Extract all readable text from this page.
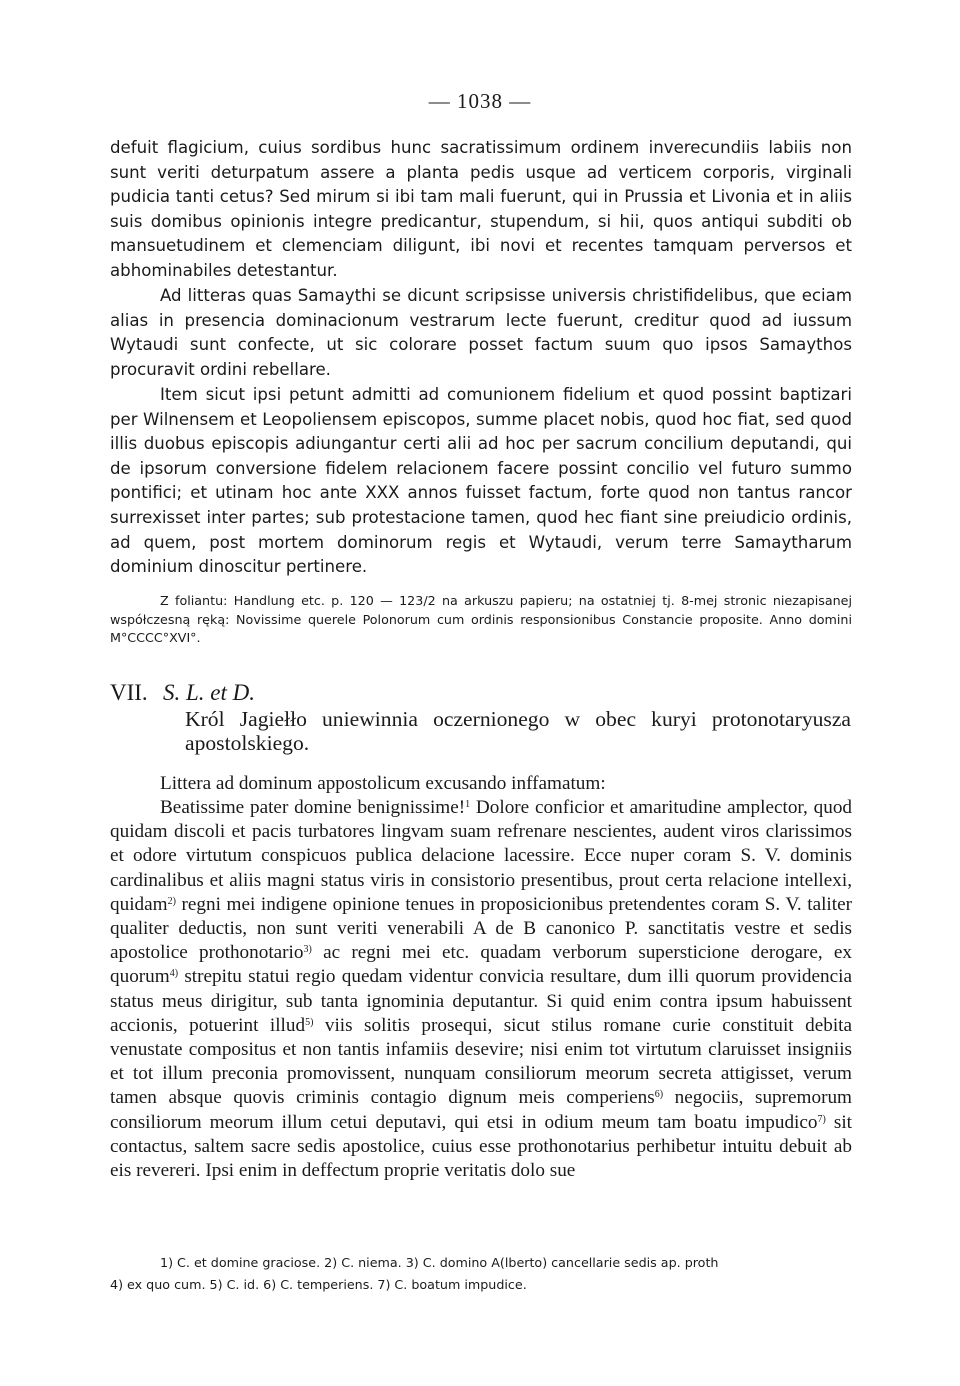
— 1038 —

defuit flagicium, cuius sordibus hunc sacratissimum ordinem inverecundiis labiis non sunt veriti deturpatum assere a planta pedis usque ad verticem corporis, virginali pudicia tanti cetus? Sed mirum si ibi tam mali fuerunt, qui in Prussia et Livonia et in aliis suis domibus opinionis integre predicantur, stupendum, si hii, quos antiqui subditi ob mansuetudinem et clemenciam diligunt, ibi novi et recentes tamquam perversos et abhominabiles detestantur.

Ad litteras quas Samaythi se dicunt scripsisse universis christifidelibus, que eciam alias in presencia dominacionum vestrarum lecte fuerunt, creditur quod ad iussum Wytaudi sunt confecte, ut sic colorare posset factum suum quo ipsos Samaythos procuravit ordini rebellare.

Item sicut ipsi petunt admitti ad comunionem fidelium et quod possint baptizari per Wilnensem et Leopoliensem episcopos, summe placet nobis, quod hoc fiat, sed quod illis duobus episcopis adiungantur certi alii ad hoc per sacrum concilium deputandi, qui de ipsorum conversione fidelem relacionem facere possint concilio vel futuro summo pontifici; et utinam hoc ante XXX annos fuisset factum, forte quod non tantus rancor surrexisset inter partes; sub protestacione tamen, quod hec fiant sine preiudicio ordinis, ad quem, post mortem dominorum regis et Wytaudi, verum terre Samaytharum dominium dinoscitur pertinere.

Z foliantu: Handlung etc. p. 120 — 123/2 na arkuszu papieru; na ostatniej tj. 8-mej stronic niezapisanej współczesną ręką: Novissime querele Polonorum cum ordinis responsionibus Constancie proposite. Anno domini M°CCCC°XVI°.

VII. S. L. et D.
Król Jagiełło uniewinnia oczernionego w obec kuryi protonotaryusza apostolskiego.

Littera ad dominum appostolicum excusando inffamatum:

Beatissime pater domine benignissime!$^1$ Dolore conficior et amaritudine amplector, quod quidam discoli et pacis turbatores lingvam suam refrenare nescientes, audent viros clarissimos et odore virtutum conspicuos publica delacione lacessire. Ecce nuper coram S. V. dominis cardinalibus et aliis magni status viris in consistorio presentibus, prout certa relacione intellexi, quidam$^{2)}$ regni mei indigene opinione tenues in proposicionibus pretendentes coram S. V. taliter qualiter deductis, non sunt veriti venerabili A de B canonico P. sanctitatis vestre et sedis apostolice prothonotario$^{3)}$ ac regni mei etc. quadam verborum supersticione derogare, ex quorum$^{4)}$ strepitu statui regio quedam videntur convicia resultare, dum illi quorum providencia status meus dirigitur, sub tanta ignominia deputantur. Si quid enim contra ipsum habuissent accionis, potuerint illud$^{5)}$ viis solitis prosequi, sicut stilus romane curie constituit debita venustate compositus et non tantis infamiis desevire; nisi enim tot virtutum claruisset insigniis et tot illum preconia promovissent, nunquam consiliorum meorum secreta attigisset, verum tamen absque quovis criminis contagio dignum meis comperiens$^{6)}$ negociis, supremorum consiliorum meorum illum cetui deputavi, qui etsi in odium meum tam boatu impudico$^{7)}$ sit contactus, saltem sacre sedis apostolice, cuius esse prothonotarius perhibetur intuitu debuit ab eis revereri. Ipsi enim in deffectum proprie veritatis dolo sue

1) C. et domine graciose. 2) C. niema. 3) C. domino A(lberto) cancellarie sedis ap. proth
4) ex quo cum. 5) C. id. 6) C. temperiens. 7) C. boatum impudice.
